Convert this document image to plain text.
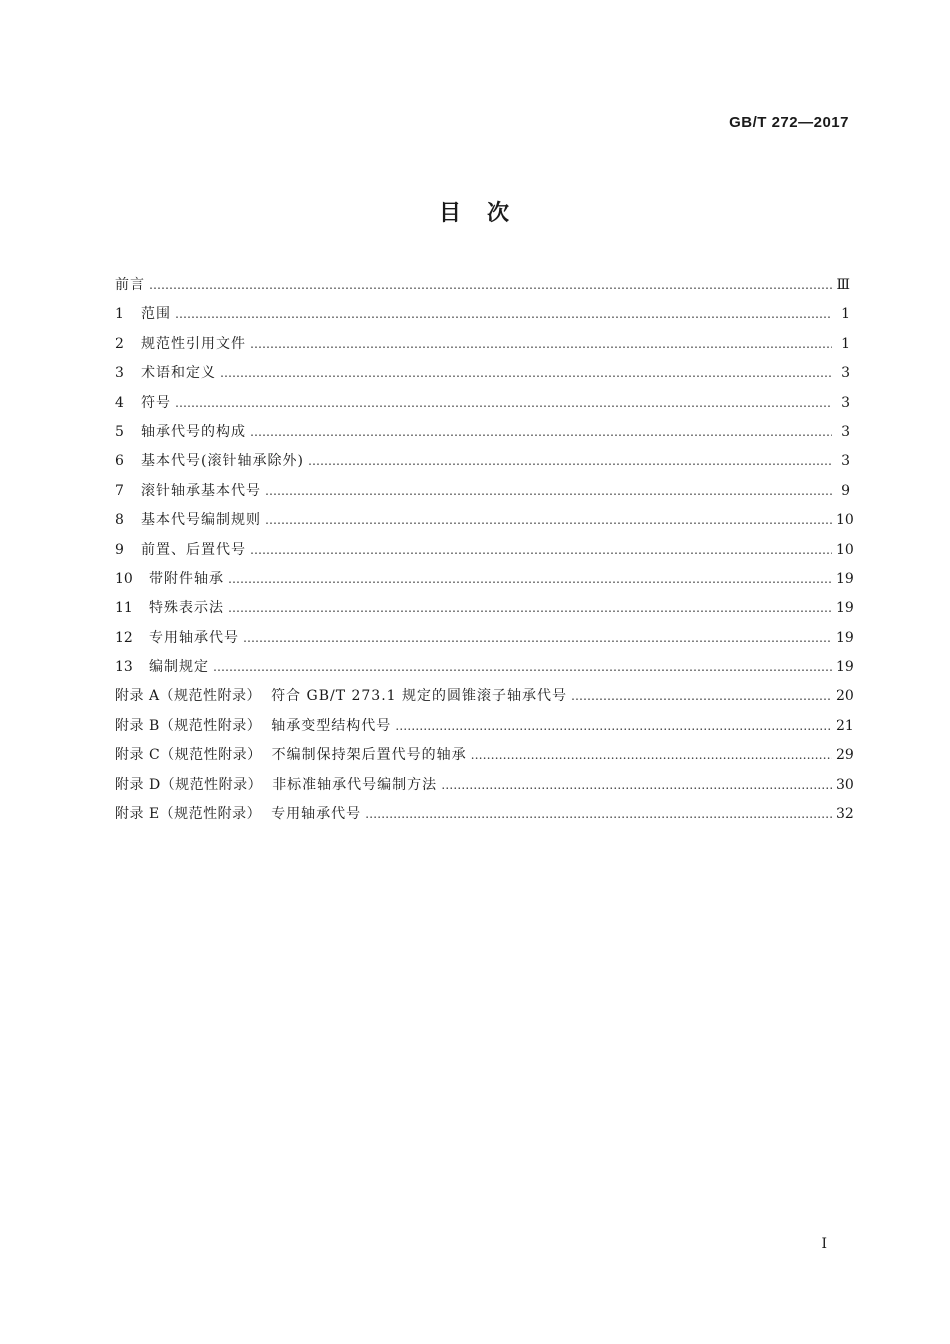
GB/T 272—2017
目　次
前言 …………………………………………………………………………………………………………………………………………………………………………………………………………	Ⅲ
1	范围 …………………………………………………………………………………………………………………………………………………………………………………………………………	1
2	规范性引用文件 …………………………………………………………………………………………………………………………………………………………………………………………………………	1
3	术语和定义 …………………………………………………………………………………………………………………………………………………………………………………………………………	3
4	符号 …………………………………………………………………………………………………………………………………………………………………………………………………………	3
5	轴承代号的构成 …………………………………………………………………………………………………………………………………………………………………………………………………………	3
6	基本代号(滚针轴承除外) …………………………………………………………………………………………………………………………………………………………………………………………………………	3
7	滚针轴承基本代号 …………………………………………………………………………………………………………………………………………………………………………………………………………	9
8	基本代号编制规则 …………………………………………………………………………………………………………………………………………………………………………………………………………	10
9	前置、后置代号 …………………………………………………………………………………………………………………………………………………………………………………………………………	10
10	带附件轴承 …………………………………………………………………………………………………………………………………………………………………………………………………………	19
11	特殊表示法 …………………………………………………………………………………………………………………………………………………………………………………………………………	19
12	专用轴承代号 …………………………………………………………………………………………………………………………………………………………………………………………………………	19
13	编制规定 …………………………………………………………………………………………………………………………………………………………………………………………………………	19
附录 A（规范性附录） 符合 GB/T 273.1 规定的圆锥滚子轴承代号 …………………………………………………………………………………………………………………………………………………………………………………………………………	20
附录 B（规范性附录） 轴承变型结构代号 …………………………………………………………………………………………………………………………………………………………………………………………………………	21
附录 C（规范性附录） 不编制保持架后置代号的轴承 …………………………………………………………………………………………………………………………………………………………………………………………………………	29
附录 D（规范性附录） 非标准轴承代号编制方法 …………………………………………………………………………………………………………………………………………………………………………………………………………	30
附录 E（规范性附录） 专用轴承代号 …………………………………………………………………………………………………………………………………………………………………………………………………………	32
I
